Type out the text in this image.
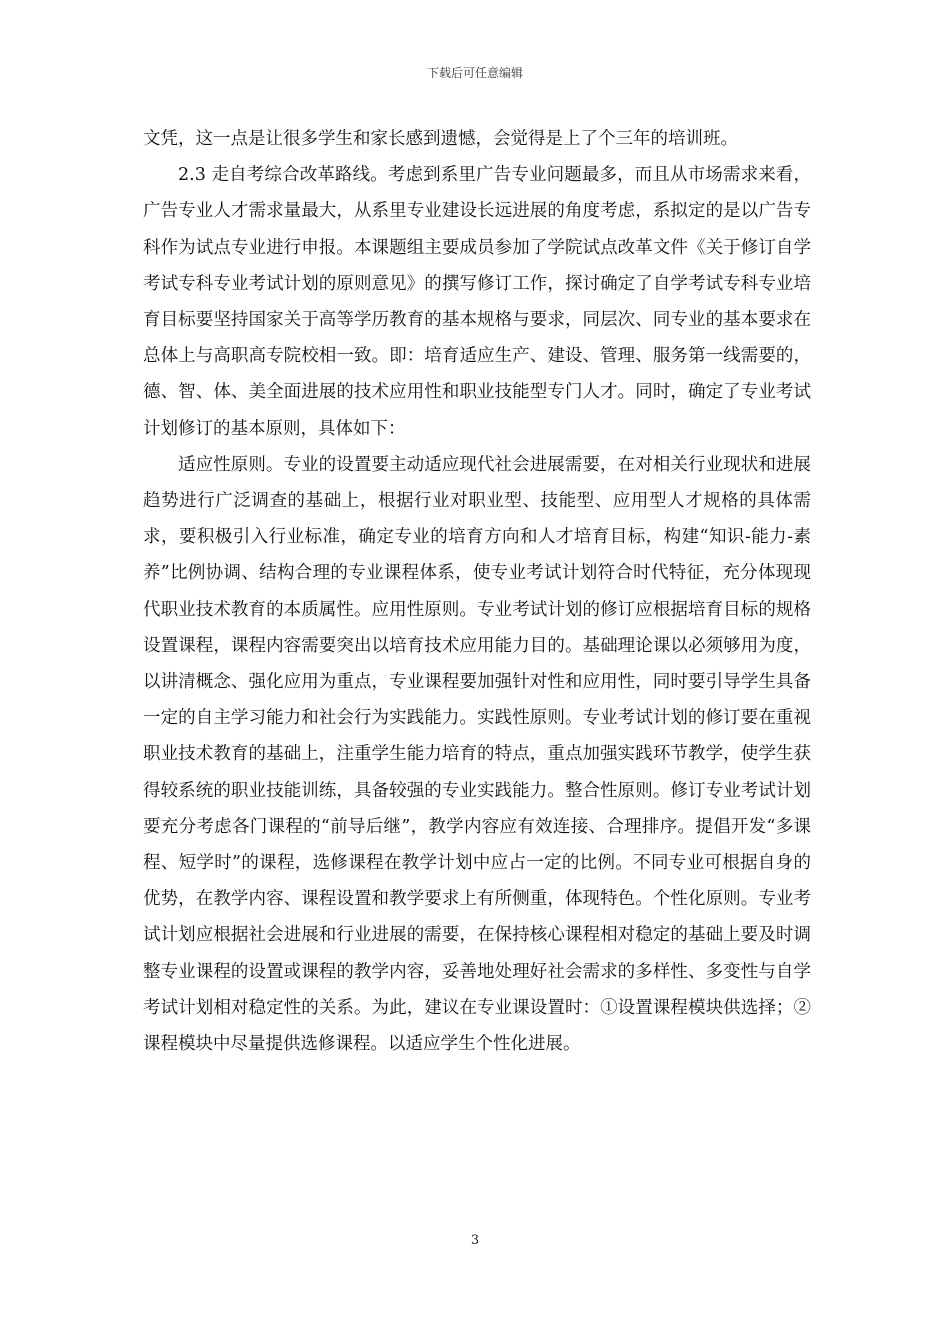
下载后可任意编辑

文凭，这一点是让很多学生和家长感到遗憾，会觉得是上了个三年的培训班。

2.3 走自考综合改革路线。考虑到系里广告专业问题最多，而且从市场需求来看，广告专业人才需求量最大，从系里专业建设长远进展的角度考虑，系拟定的是以广告专科作为试点专业进行申报。本课题组主要成员参加了学院试点改革文件《关于修订自学考试专科专业考试计划的原则意见》的撰写修订工作，探讨确定了自学考试专科专业培育目标要坚持国家关于高等学历教育的基本规格与要求，同层次、同专业的基本要求在总体上与高职高专院校相一致。即：培育适应生产、建设、管理、服务第一线需要的，德、智、体、美全面进展的技术应用性和职业技能型专门人才。同时，确定了专业考试计划修订的基本原则，具体如下：

适应性原则。专业的设置要主动适应现代社会进展需要，在对相关行业现状和进展趋势进行广泛调查的基础上，根据行业对职业型、技能型、应用型人才规格的具体需求，要积极引入行业标准，确定专业的培育方向和人才培育目标，构建“知识-能力-素养”比例协调、结构合理的专业课程体系，使专业考试计划符合时代特征，充分体现现代职业技术教育的本质属性。应用性原则。专业考试计划的修订应根据培育目标的规格设置课程，课程内容需要突出以培育技术应用能力目的。基础理论课以必须够用为度，以讲清概念、强化应用为重点，专业课程要加强针对性和应用性，同时要引导学生具备一定的自主学习能力和社会行为实践能力。实践性原则。专业考试计划的修订要在重视职业技术教育的基础上，注重学生能力培育的特点，重点加强实践环节教学，使学生获得较系统的职业技能训练，具备较强的专业实践能力。整合性原则。修订专业考试计划要充分考虑各门课程的“前导后继”，教学内容应有效连接、合理排序。提倡开发“多课程、短学时”的课程，选修课程在教学计划中应占一定的比例。不同专业可根据自身的优势，在教学内容、课程设置和教学要求上有所侧重，体现特色。个性化原则。专业考试计划应根据社会进展和行业进展的需要，在保持核心课程相对稳定的基础上要及时调整专业课程的设置或课程的教学内容，妥善地处理好社会需求的多样性、多变性与自学考试计划相对稳定性的关系。为此，建议在专业课设置时：①设置课程模块供选择；②课程模块中尽量提供选修课程。以适应学生个性化进展。

3
